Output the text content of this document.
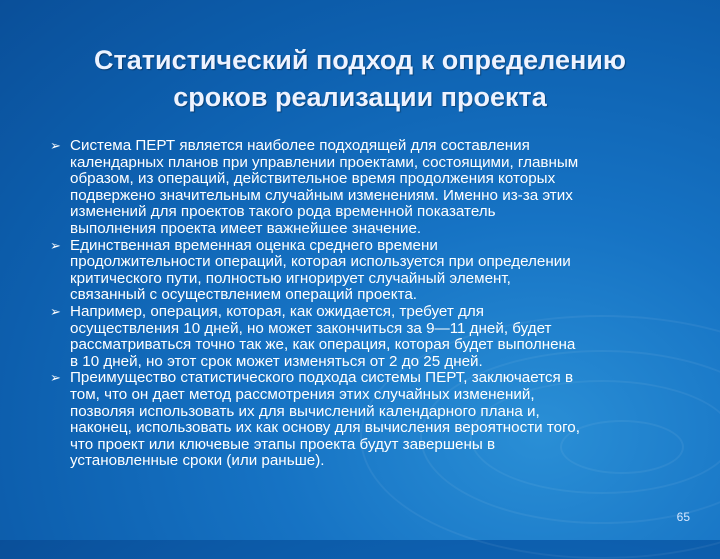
Статистический подход к определению
сроков реализации проекта
➢ Система ПЕРТ является наиболее подходящей для составления
календарных планов при управлении проектами, состоящими, главным
образом, из операций, действительное время продолжения которых
подвержено значительным случайным изменениям. Именно из-за этих
изменений для проектов такого рода временной показатель
выполнения проекта имеет важнейшее значение.
➢ Единственная временная оценка среднего времени
продолжительности операций, которая используется при определении
критического пути, полностью игнорирует случайный элемент,
связанный с осуществлением операций проекта.
➢ Например, операция, которая, как ожидается, требует для
осуществления 10 дней, но может закончиться за 9—11 дней, будет
рассматриваться точно так же, как операция, которая будет выполнена
в 10 дней, но этот срок может изменяться от 2 до 25 дней.
➢ Преимущество статистического подхода системы ПЕРТ, заключается в
том, что он дает метод рассмотрения этих случайных изменений,
позволяя использовать их для вычислений календарного плана и,
наконец, использовать их как основу для вычисления вероятности того,
что проект или ключевые этапы проекта будут завершены в
установленные сроки (или раньше).
65
